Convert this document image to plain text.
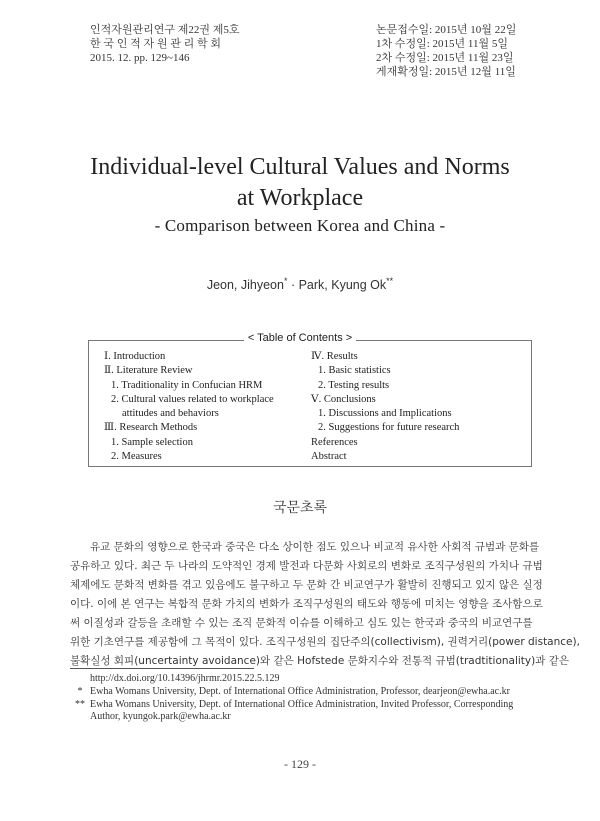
인적자원관리연구 제22권 제5호
한 국 인 적 자 원 관 리 학 회
2015. 12. pp. 129~146
논문접수일: 2015년 10월 22일
1차 수정일: 2015년 11월 5일
2차 수정일: 2015년 11월 23일
게재확정일: 2015년 12월 11일
Individual-level Cultural Values and Norms
at Workplace
- Comparison between Korea and China -
Jeon, Jihyeon* · Park, Kyung Ok**
< Table of Contents >
Ⅰ. Introduction
Ⅱ. Literature Review
1. Traditionality in Confucian HRM
2. Cultural values related to workplace
attitudes and behaviors
Ⅲ. Research Methods
1. Sample selection
2. Measures
Ⅳ. Results
1. Basic statistics
2. Testing results
Ⅴ. Conclusions
1. Discussions and Implications
2. Suggestions for future research
References
Abstract
국문초록
유교 문화의 영향으로 한국과 중국은 다소 상이한 점도 있으나 비교적 유사한 사회적 규범과 문화를
공유하고 있다. 최근 두 나라의 도약적인 경제 발전과 다문화 사회로의 변화로 조직구성원의 가치나 규범
체제에도 문화적 변화를 겪고 있음에도 불구하고 두 문화 간 비교연구가 활발히 진행되고 있지 않은 실정
이다. 이에 본 연구는 복합적 문화 가치의 변화가 조직구성원의 태도와 행동에 미치는 영향을 조사함으로
써 이질성과 갈등을 초래할 수 있는 조직 문화적 이슈를 이해하고 심도 있는 한국과 중국의 비교연구를
위한 기초연구를 제공함에 그 목적이 있다. 조직구성원의 집단주의(collectivism), 권력거리(power distance),
불확실성 회피(uncertainty avoidance)와 같은 Hofstede 문화지수와 전통적 규범(tradtitionality)과 같은
http://dx.doi.org/10.14396/jhrmr.2015.22.5.129
* Ewha Womans University, Dept. of International Office Administration, Professor, dearjeon@ewha.ac.kr
** Ewha Womans University, Dept. of International Office Administration, Invited Professor, Corresponding
Author, kyungok.park@ewha.ac.kr
- 129 -
